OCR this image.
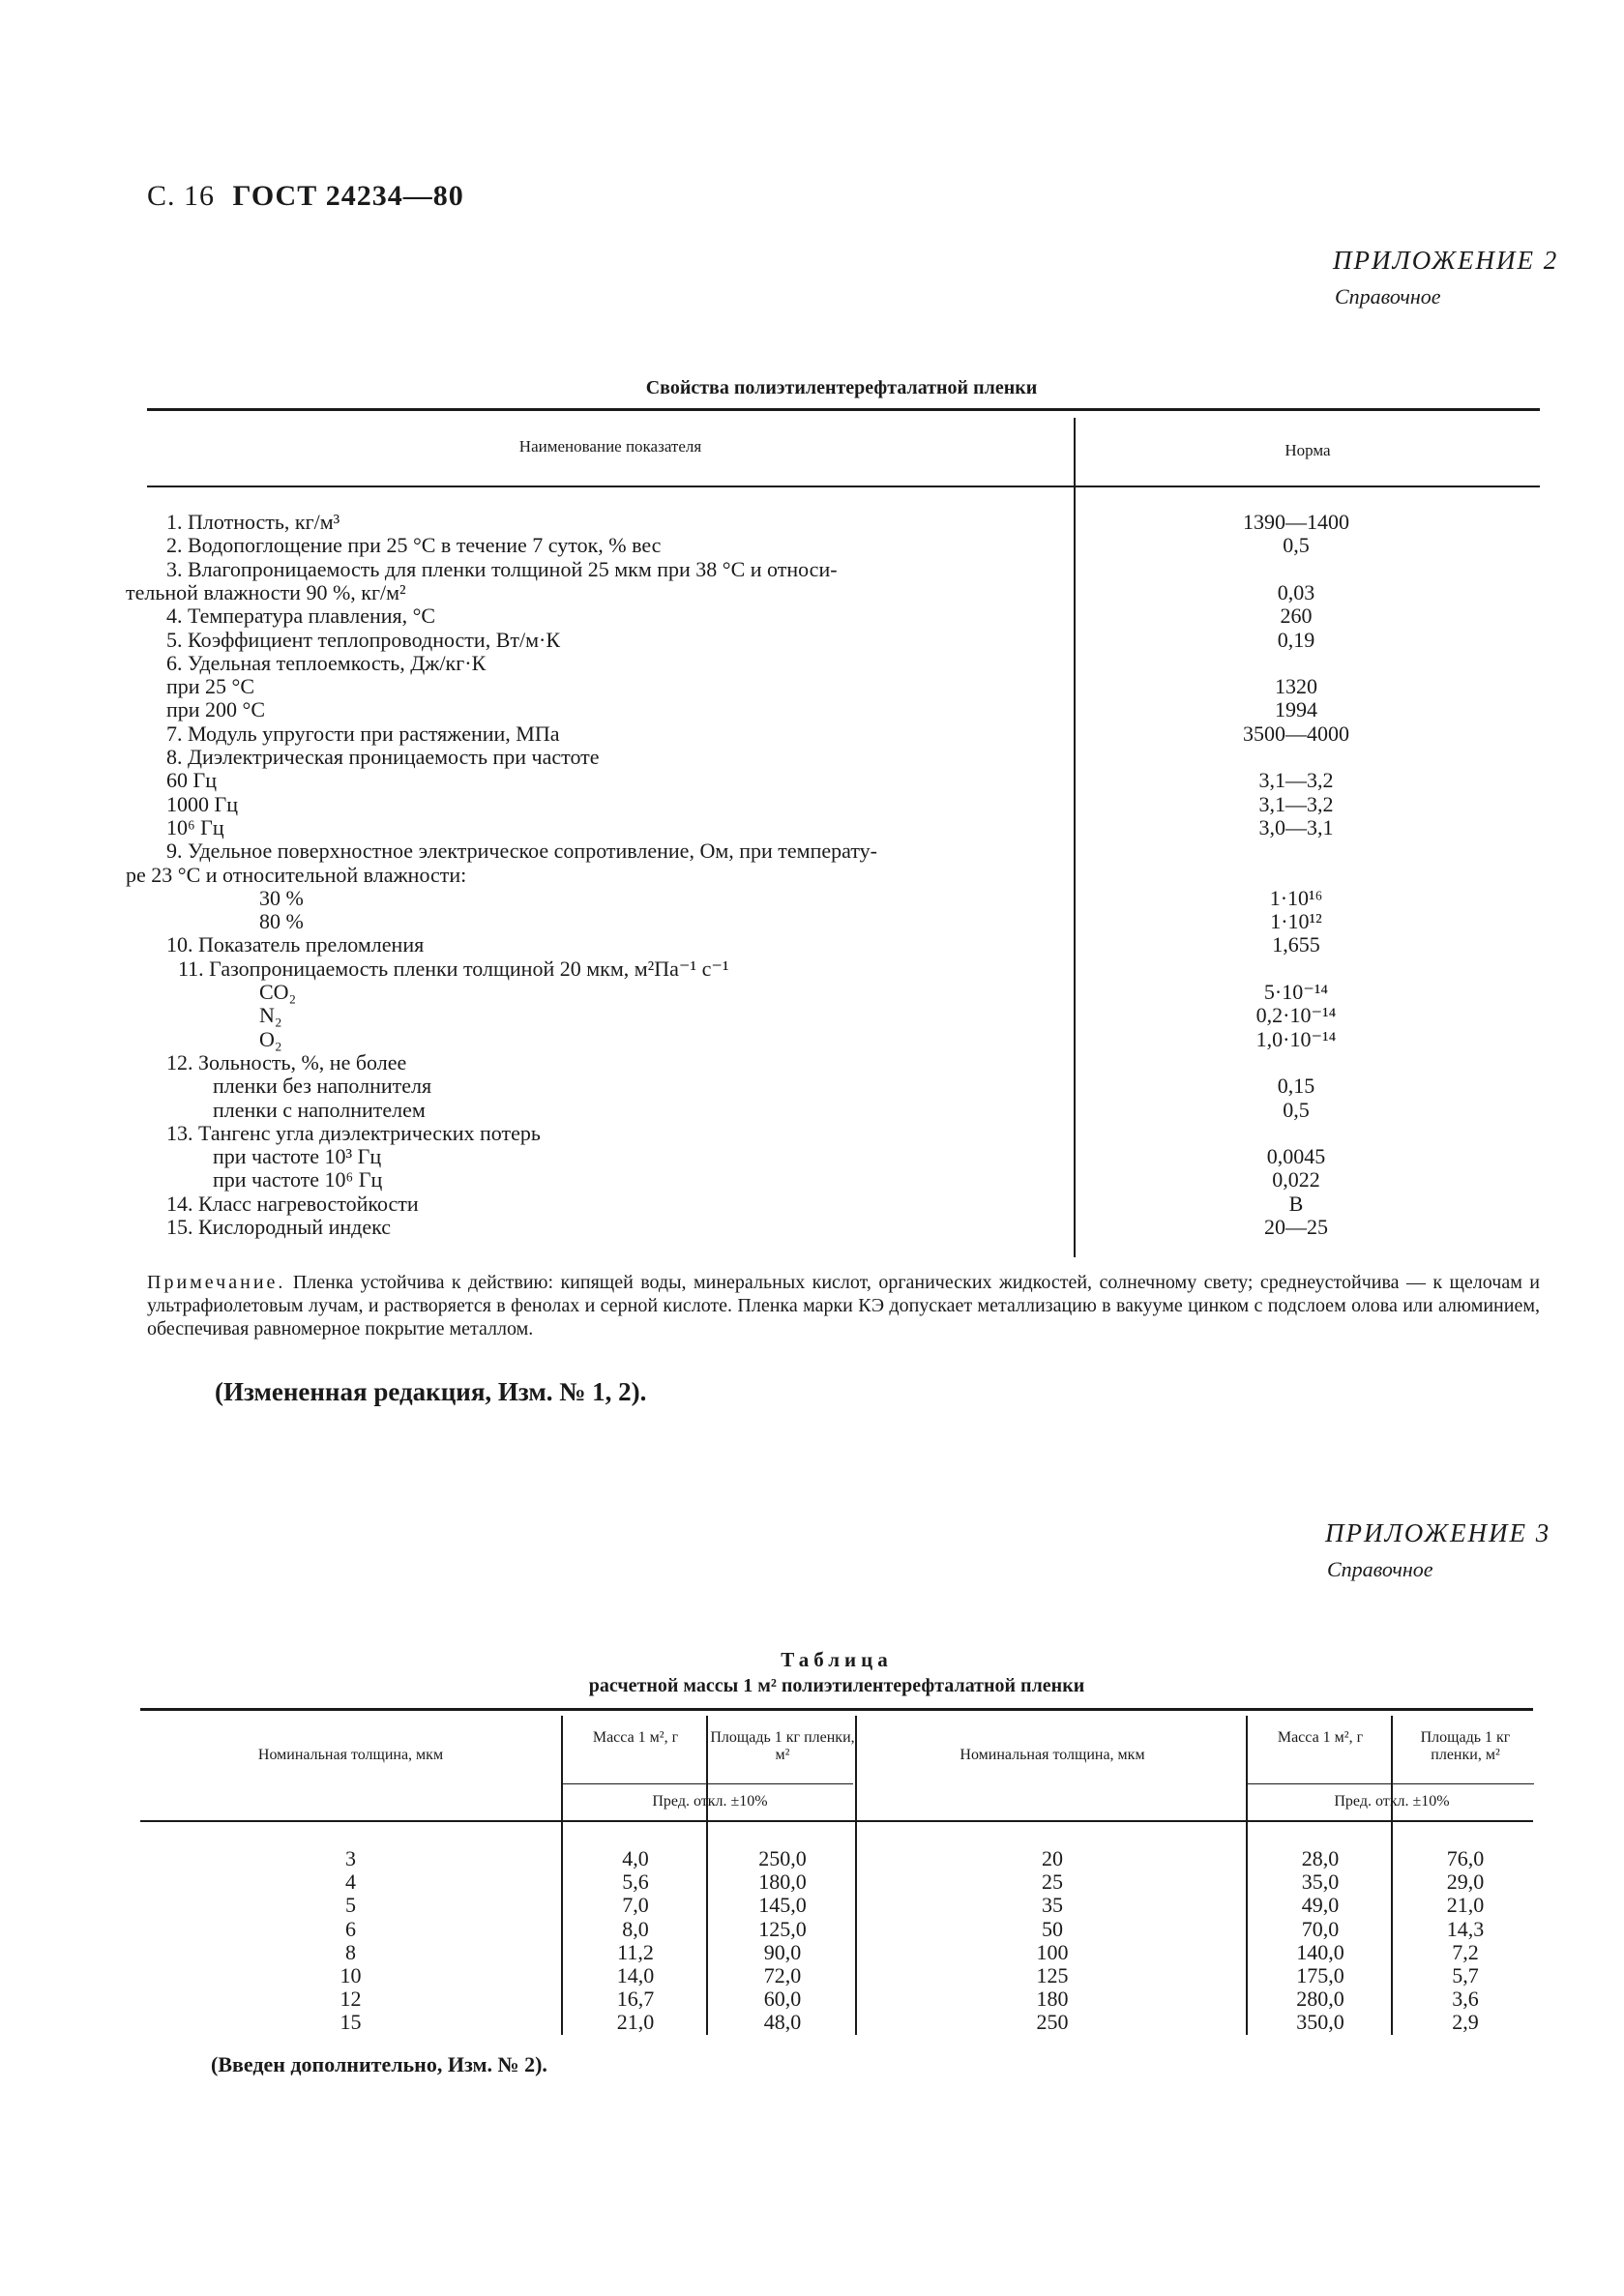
С. 16 ГОСТ 24234—80
ПРИЛОЖЕНИЕ 2
Справочное
Свойства полиэтилентерефталатной пленки
Наименование показателя	Норма
1. Плотность, кг/м³	1390—1400
2. Водопоглощение при 25 °С в течение 7 суток, % вес	0,5
3. Влагопроницаемость для пленки толщиной 25 мкм при 38 °С и относи-
тельной влажности 90 %, кг/м²	0,03
4. Температура плавления, °С	260
5. Коэффициент теплопроводности, Вт/м·К	0,19
6. Удельная теплоемкость, Дж/кг·К
при 25 °С	1320
при 200 °С	1994
7. Модуль упругости при растяжении, МПа	3500—4000
8. Диэлектрическая проницаемость при частоте
60 Гц	3,1—3,2
1000 Гц	3,1—3,2
10⁶ Гц	3,0—3,1
9. Удельное поверхностное электрическое сопротивление, Ом, при температу-
ре 23 °С и относительной влажности:
30 %	1·10¹⁶
80 %	1·10¹²
10. Показатель преломления	1,655
11. Газопроницаемость пленки толщиной 20 мкм, м²Па⁻¹ с⁻¹
CO₂	5·10⁻¹⁴
N₂	0,2·10⁻¹⁴
O₂	1,0·10⁻¹⁴
12. Зольность, %, не более
пленки без наполнителя	0,15
пленки с наполнителем	0,5
13. Тангенс угла диэлектрических потерь
при частоте 10³ Гц	0,0045
при частоте 10⁶ Гц	0,022
14. Класс нагревостойкости	В
15. Кислородный индекс	20—25
Примечание. Пленка устойчива к действию: кипящей воды, минеральных кислот, органических жидкостей, солнечному свету; среднеустойчива — к щелочам и ультрафиолетовым лучам, и растворяется в фенолах и серной кислоте. Пленка марки КЭ допускает металлизацию в вакууме цинком с подслоем олова или алюминием, обеспечивая равномерное покрытие металлом.
(Измененная редакция, Изм. № 1, 2).
ПРИЛОЖЕНИЕ 3
Справочное
Таблица
расчетной массы 1 м² полиэтилентерефталатной пленки
Номинальная толщина, мкм
Масса 1 м², г	Площадь 1 кг пленки, м²
Пред. откл. ±10%
Номинальная толщина, мкм
Масса 1 м², г	Площадь 1 кг пленки, м²
Пред. откл. ±10%
3	4,0	250,0	20	28,0	76,0
4	5,6	180,0	25	35,0	29,0
5	7,0	145,0	35	49,0	21,0
6	8,0	125,0	50	70,0	14,3
8	11,2	90,0	100	140,0	7,2
10	14,0	72,0	125	175,0	5,7
12	16,7	60,0	180	280,0	3,6
15	21,0	48,0	250	350,0	2,9
(Введен дополнительно, Изм. № 2).
